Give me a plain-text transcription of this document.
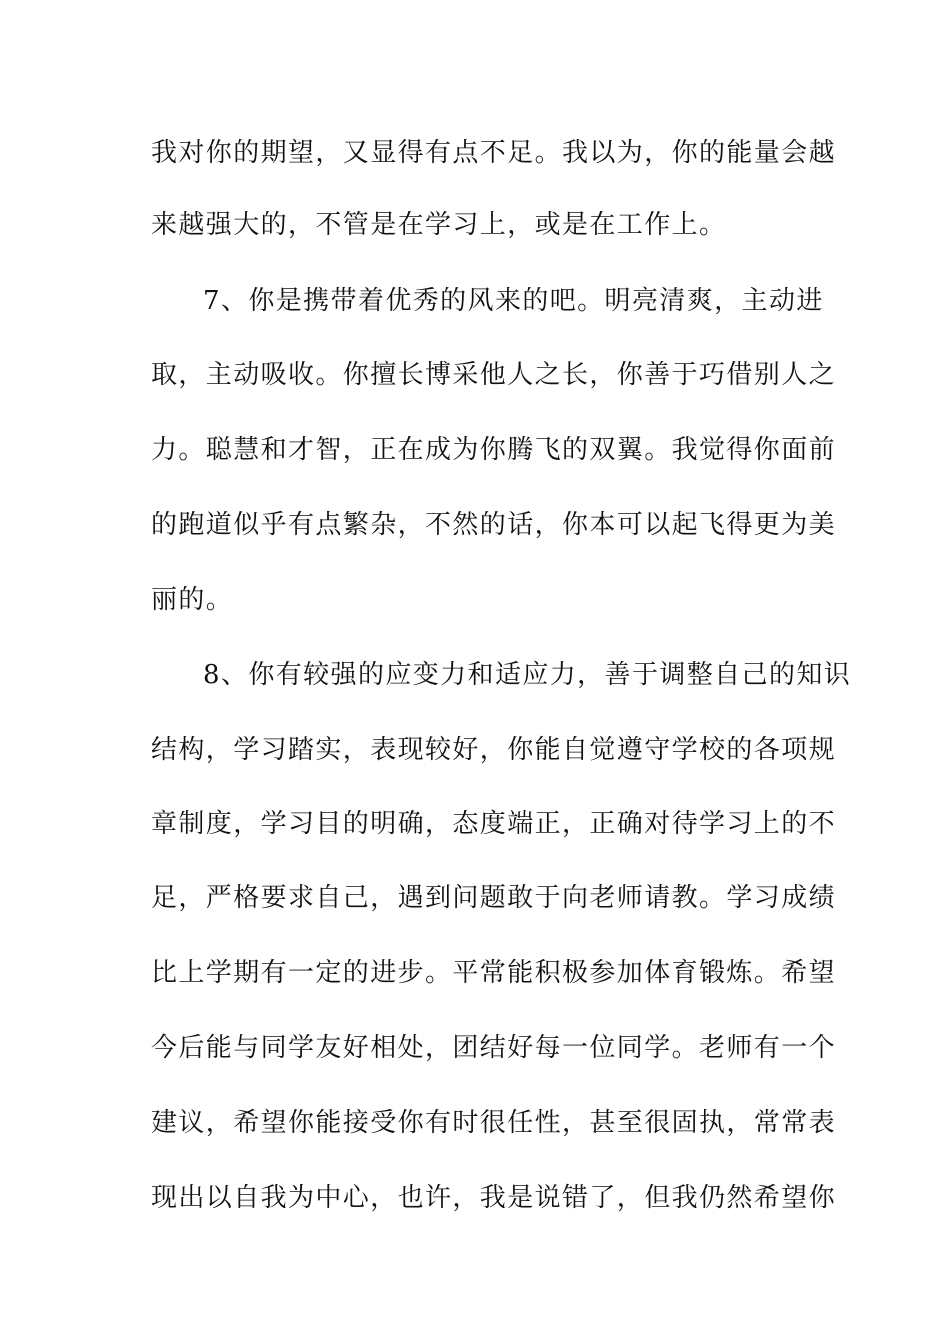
我对你的期望，又显得有点不足。我以为，你的能量会越
来越强大的，不管是在学习上，或是在工作上。
7、你是携带着优秀的风来的吧。明亮清爽，主动进
取，主动吸收。你擅长博采他人之长，你善于巧借别人之
力。聪慧和才智，正在成为你腾飞的双翼。我觉得你面前
的跑道似乎有点繁杂，不然的话，你本可以起飞得更为美
丽的。
8、你有较强的应变力和适应力，善于调整自己的知识
结构，学习踏实，表现较好，你能自觉遵守学校的各项规
章制度，学习目的明确，态度端正，正确对待学习上的不
足，严格要求自己，遇到问题敢于向老师请教。学习成绩
比上学期有一定的进步。平常能积极参加体育锻炼。希望
今后能与同学友好相处，团结好每一位同学。老师有一个
建议，希望你能接受你有时很任性，甚至很固执，常常表
现出以自我为中心，也许，我是说错了，但我仍然希望你
